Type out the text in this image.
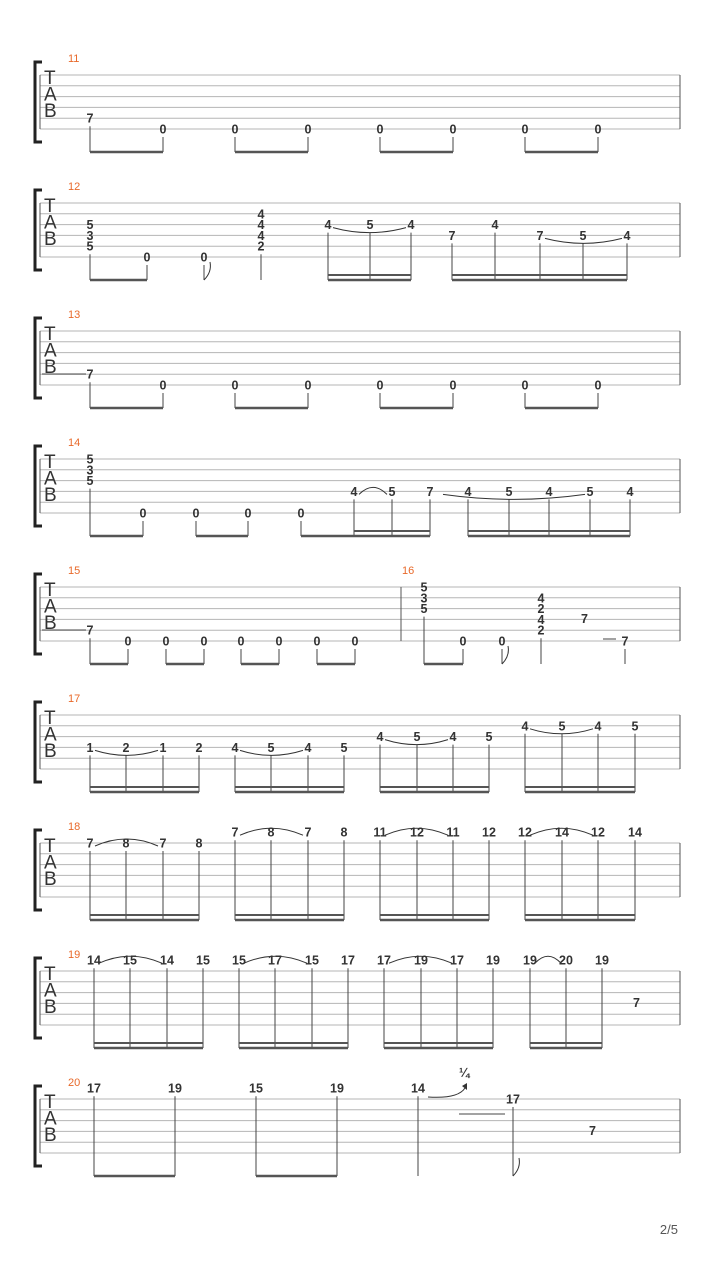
T
A
B
11
7
0	0	0	0	0	0	0
T
A
B
12
5
3
5
0	0
4
4
4
2
4	5	4
7
4
7	5	4
T
A
B
13
7
0	0	0	0	0	0	0
T
A
B
14
5
3
5
0	0	0	0
4 5 7 4	5	4	5	4
T
A
B
15	16
7
0 0 0 0 0 0 0
5
3
5
0	0
4
2
4
2
7
7
T
A
B
17
1 2 1 2 4 5 4 5
4 5 4 5
4 5 4 5
T
A
B
18
7 8 7 8
7 8 7 8 11 12 11 12 12 14 12 14
T
A
B
19 14 15 14 15 15 17 15 17 17 19 17 19 19 20 19
7
T
A
B
20 17	19	15	19	14
¼
17
7
2/5
